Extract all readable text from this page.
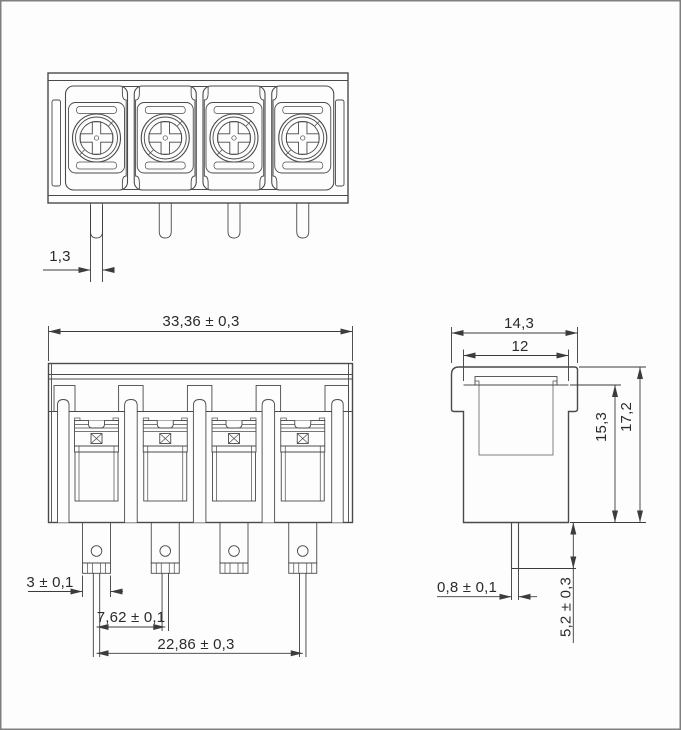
1,3
33,36 ± 0,3
3 ± 0,1
7,62 ± 0,1
22,86 ± 0,3
14,3
12
15,3 17,2
5,2 ± 0,3
0,8 ± 0,1
